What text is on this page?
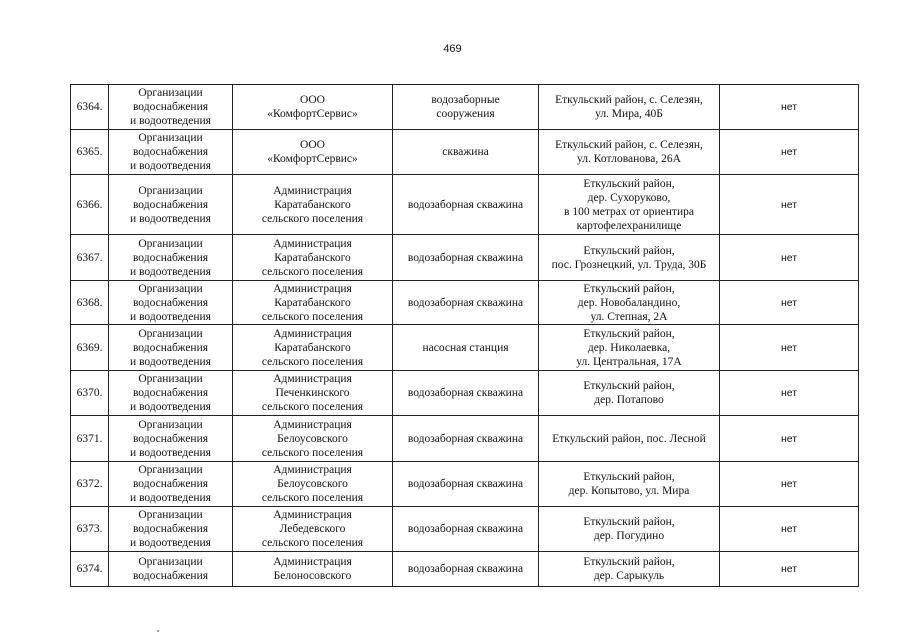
469
6364.	Организации
водоснабжения
и водоотведения	ООО
«КомфортСервис»	водозаборные
сооружения	Еткульский район, с. Селезян,
ул. Мира, 40Б	нет

6365.	Организации
водоснабжения
и водоотведения	ООО
«КомфортСервис»	скважина	Еткульский район, с. Селезян,
ул. Котлованова, 26А	нет

6366.	Организации
водоснабжения
и водоотведения	Администрация
Каратабанского
сельского поселения	водозаборная скважина	Еткульский район,
дер. Сухоруково,
в 100 метрах от ориентира
картофелехранилище	нет

6367.	Организации
водоснабжения
и водоотведения	Администрация
Каратабанского
сельского поселения	водозаборная скважина	Еткульский район,
пос. Грознецкий, ул. Труда, 30Б	нет

6368.	Организации
водоснабжения
и водоотведения	Администрация
Каратабанского
сельского поселения	водозаборная скважина	Еткульский район,
дер. Новобаландино,
ул. Степная, 2А	нет

6369.	Организации
водоснабжения
и водоотведения	Администрация
Каратабанского
сельского поселения	насосная станция	Еткульский район,
дер. Николаевка,
ул. Центральная, 17А	нет

6370.	Организации
водоснабжения
и водоотведения	Администрация
Печенкинского
сельского поселения	водозаборная скважина	Еткульский район,
дер. Потапово	нет

6371.	Организации
водоснабжения
и водоотведения	Администрация
Белоусовского
сельского поселения	водозаборная скважина	Еткульский район, пос. Лесной	нет

6372.	Организации
водоснабжения
и водоотведения	Администрация
Белоусовского
сельского поселения	водозаборная скважина	Еткульский район,
дер. Копытово, ул. Мира	нет

6373.	Организации
водоснабжения
и водоотведения	Администрация
Лебедевского
сельского поселения	водозаборная скважина	Еткульский район,
дер. Погудино	нет

6374.	Организации
водоснабжения	Администрация
Белоносовского	водозаборная скважина	Еткульский район,
дер. Сарыкуль	нет
